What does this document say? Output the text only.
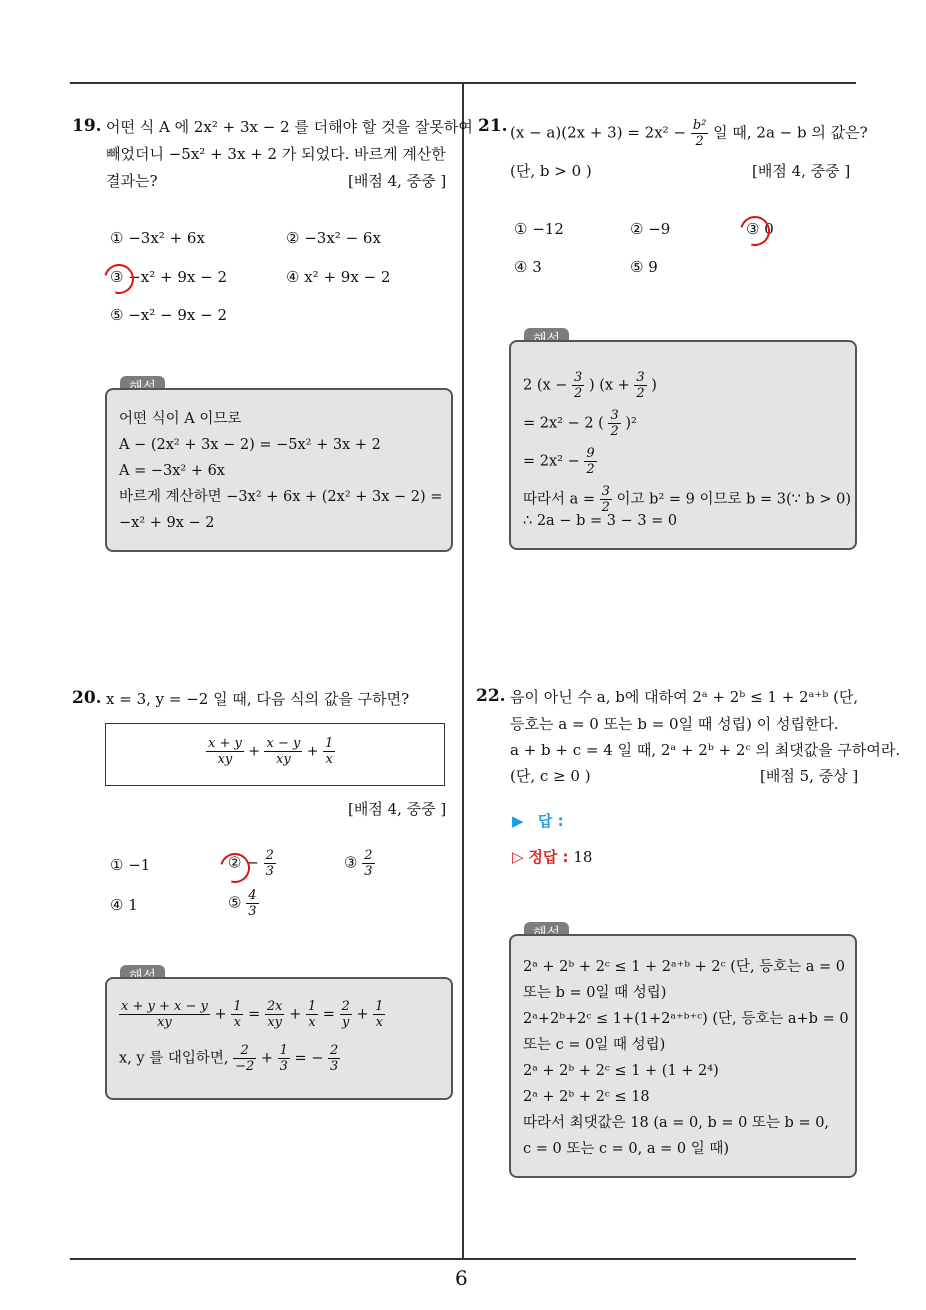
6
19. 어떤 식 A 에 2x² + 3x − 2 를 더해야 할 것을 잘못하여
빼었더니 −5x² + 3x + 2 가 되었다. 바르게 계산한
결과는?	[배점 4, 중중 ]
① −3x² + 6x	② −3x² − 6x
③ −x² + 9x − 2	④ x² + 9x − 2
⑤ −x² − 9x − 2
어떤 식이 A 이므로
A − (2x² + 3x − 2) = −5x² + 3x + 2
A = −3x² + 6x
바르게 계산하면 −3x² + 6x + (2x² + 3x − 2) =
−x² + 9x − 2
20. x = 3, y = −2 일 때, 다음 식의 값을 구하면?
$\frac{x + y}{xy} + \frac{x - y}{xy} + \frac{1}{x}$
[배점 4, 중중 ]
① −1	② − $\frac{2}{3}$	③ $\frac{2}{3}$
④ 1	⑤ $\frac{4}{3}$
$\frac{x + y + x - y}{xy} + \frac{1}{x} = \frac{2x}{xy} + \frac{1}{x} = \frac{2}{y} + \frac{1}{x}$
x, y 를 대입하면, $\frac{2}{-2} + \frac{1}{3}$ = − $\frac{2}{3}$
21. $(x - a)(2x + 3) = 2x^2 - \frac{\text{b²}}{2}$ 일 때, 2a − b 의 값은?
(단, b > 0 )	[배점 4, 중중 ]
① −12	② −9	③ 0
④ 3	⑤ 9
2 ($x - \frac{3}{2}$ ) ($x + \frac{3}{2}$ )
= 2x² − 2 ( $\frac{3}{2} )^2$
= $2x^2 - \frac{9}{2}$
따라서 $a = \frac{3}{2}$ 이고 b² = 9 이므로 b = 3(∵ b > 0)
∴ 2a − b = 3 − 3 = 0
22. 음이 아닌 수 a, b에 대하여 2ᵃ + 2ᵇ ≤ 1 + 2ᵃ⁺ᵇ (단,
등호는 a = 0 또는 b = 0일 때 성립) 이 성립한다.
a + b + c = 4 일 때, 2ᵃ + 2ᵇ + 2ᶜ 의 최댓값을 구하여라.
(단, c ≥ 0 )	[배점 5, 중상 ]
▶ 답 :
▷ 정답 : 18
2ᵃ + 2ᵇ + 2ᶜ ≤ 1 + 2ᵃ⁺ᵇ + 2ᶜ (단, 등호는 a = 0
또는 b = 0일 때 성립)
2ᵃ+2ᵇ+2ᶜ ≤ 1+(1+2ᵃ⁺ᵇ⁺ᶜ) (단, 등호는 a+b = 0
또는 c = 0일 때 성립)
2ᵃ + 2ᵇ + 2ᶜ ≤ 1 + (1 + 2⁴)
2ᵃ + 2ᵇ + 2ᶜ ≤ 18
따라서 최댓값은 18 (a = 0, b = 0 또는 b = 0,
c = 0 또는 c = 0, a = 0 일 때)
